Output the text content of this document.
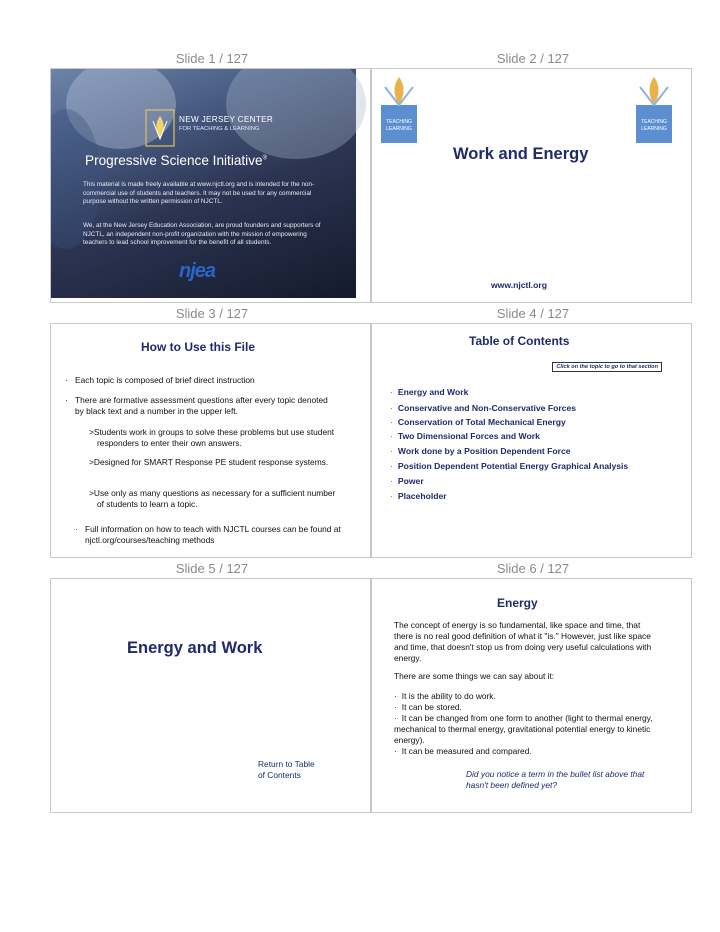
Slide 1 / 127	Slide 2 / 127
Slide 3 / 127	Slide 4 / 127
Slide 5 / 127	Slide 6 / 127
NEW JERSEY CENTER
FOR TEACHING & LEARNING
Progressive Science Initiative®
This material is made freely available at www.njctl.org and is intended for the non-commercial use of students and teachers. It may not be used for any commercial purpose without the written permission of NJCTL.
We, at the New Jersey Education Association, are proud founders and supporters of NJCTL, an independent non-profit organization with the mission of empowering teachers to lead school improvement for the benefit of all students.
njea
TEACHING
LEARNING
TEACHING
LEARNING
Work and Energy
www.njctl.org
How to Use this File
· Each topic is composed of brief direct instruction
· There are formative assessment questions after every topic denoted by black text and a number in the upper left.
>Students work in groups to solve these problems but use student responders to enter their own answers.
>Designed for SMART Response PE student response systems.
>Use only as many questions as necessary for a sufficient number of students to learn a topic.
· Full information on how to teach with NJCTL courses can be found at njctl.org/courses/teaching methods
Table of Contents
Click on the topic to go to that section
· Energy and Work
· Conservative and Non-Conservative Forces
· Conservation of Total Mechanical Energy
· Two Dimensional Forces and Work
· Work done by a Position Dependent Force
· Position Dependent Potential Energy Graphical Analysis
· Power
· Placeholder
Energy and Work
Return to Table
of Contents
Energy
The concept of energy is so fundamental, like space and time, that there is no real good definition of what it "is." However, just like space and time, that doesn't stop us from doing very useful calculations with energy.
There are some things we can say about it:
· It is the ability to do work.
· It can be stored.
· It can be changed from one form to another (light to thermal energy, mechanical to thermal energy, gravitational potential energy to kinetic energy).
· It can be measured and compared.
Did you notice a term in the bullet list above that hasn't been defined yet?
